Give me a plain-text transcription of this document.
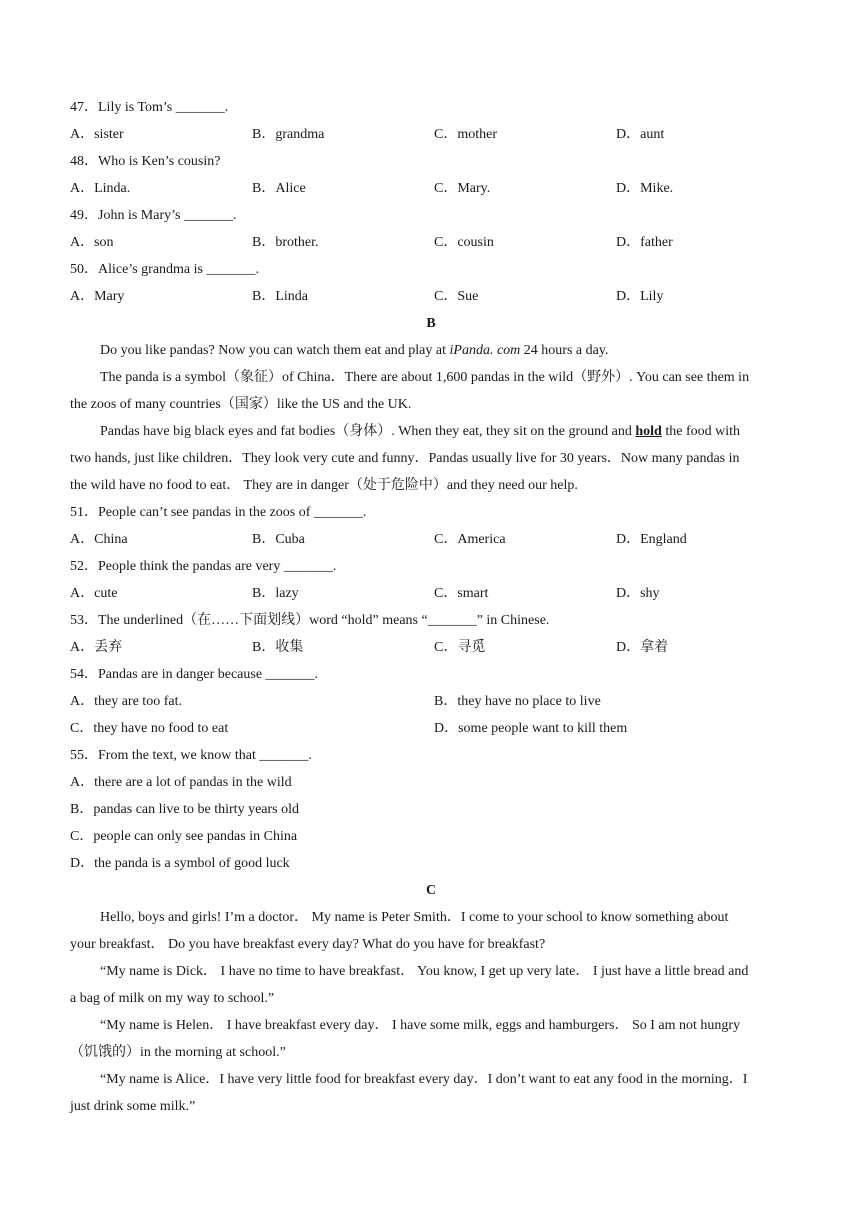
47．Lily is Tom’s _______.
A．sister	B．grandma	C．mother	D．aunt
48．Who is Ken’s cousin?
A．Linda.	B．Alice	C．Mary.	D．Mike.
49．John is Mary’s _______.
A．son	B．brother.	C．cousin	D．father
50．Alice’s grandma is _______.
A．Mary	B．Linda	C．Sue	D．Lily
B
Do you like pandas? Now you can watch them eat and play at iPanda. com 24 hours a day.
The panda is a symbol（象征）of China．There are about 1,600 pandas in the wild（野外）. You can see them in
the zoos of many countries（国家）like the US and the UK.
Pandas have big black eyes and fat bodies（身体）. When they eat, they sit on the ground and hold the food with
two hands, just like children．They look very cute and funny．Pandas usually live for 30 years．Now many pandas in
the wild have no food to eat． They are in danger（处于危险中）and they need our help.
51．People can’t see pandas in the zoos of _______.
A．China	B．Cuba	C．America	D．England
52．People think the pandas are very _______.
A．cute	B．lazy	C．smart	D．shy
53．The underlined（在……下面划线）word “hold” means “_______” in Chinese.
A．丢弃	B．收集	C．寻觅	D．拿着
54．Pandas are in danger because _______.
A．they are too fat.	B．they have no place to live
C．they have no food to eat	D．some people want to kill them
55．From the text, we know that _______.
A．there are a lot of pandas in the wild
B．pandas can live to be thirty years old
C．people can only see pandas in China
D．the panda is a symbol of good luck
C
Hello, boys and girls! I’m a doctor． My name is Peter Smith．I come to your school to know something about
your breakfast． Do you have breakfast every day? What do you have for breakfast?
“My name is Dick． I have no time to have breakfast． You know, I get up very late． I just have a little bread and
a bag of milk on my way to school.”
“My name is Helen． I have breakfast every day． I have some milk, eggs and hamburgers． So I am not hungry
（饥饿的）in the morning at school.”
“My name is Alice．I have very little food for breakfast every day．I don’t want to eat any food in the morning．I
just drink some milk.”
